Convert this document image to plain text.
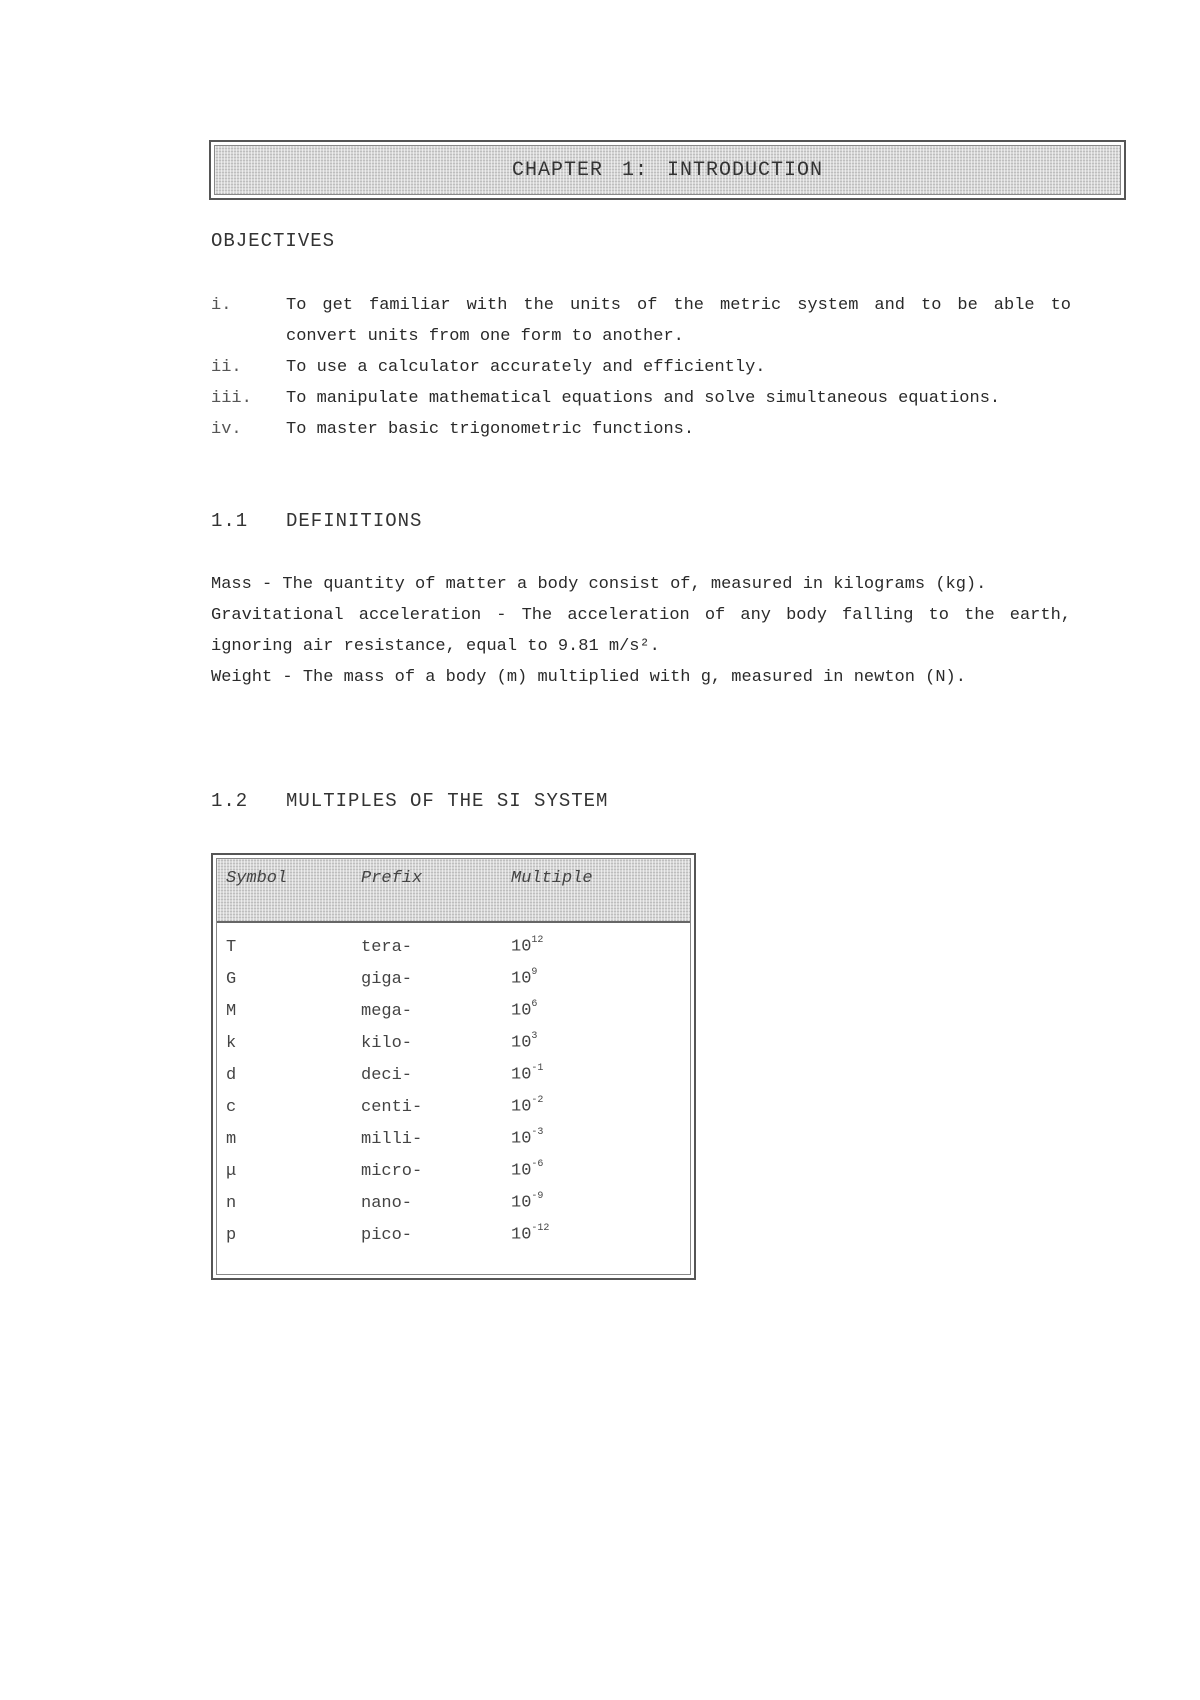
CHAPTER 1: INTRODUCTION
OBJECTIVES
i.	To get familiar with the units of the metric system and to be able to convert units from one form to another.
ii.	To use a calculator accurately and efficiently.
iii.	To manipulate mathematical equations and solve simultaneous equations.
iv.	To master basic trigonometric functions.
1.1 DEFINITIONS
Mass - The quantity of matter a body consist of, measured in kilograms (kg).
Gravitational acceleration - The acceleration of any body falling to the earth, ignoring air resistance, equal to 9.81 m/s².
Weight - The mass of a body (m) multiplied with g, measured in newton (N).
1.2 MULTIPLES OF THE SI SYSTEM
Symbol	Prefix	Multiple
T	tera-	$10^{12}$
G	giga-	$10^9$
M	mega-	$10^6$
k	kilo-	$10^3$
d	deci-	$10^{-1}$
c	centi-	$10^{-2}$
m	milli-	$10^{-3}$
μ	micro-	$10^{-6}$
n	nano-	$10^{-9}$
p	pico-	$10^{-12}$
